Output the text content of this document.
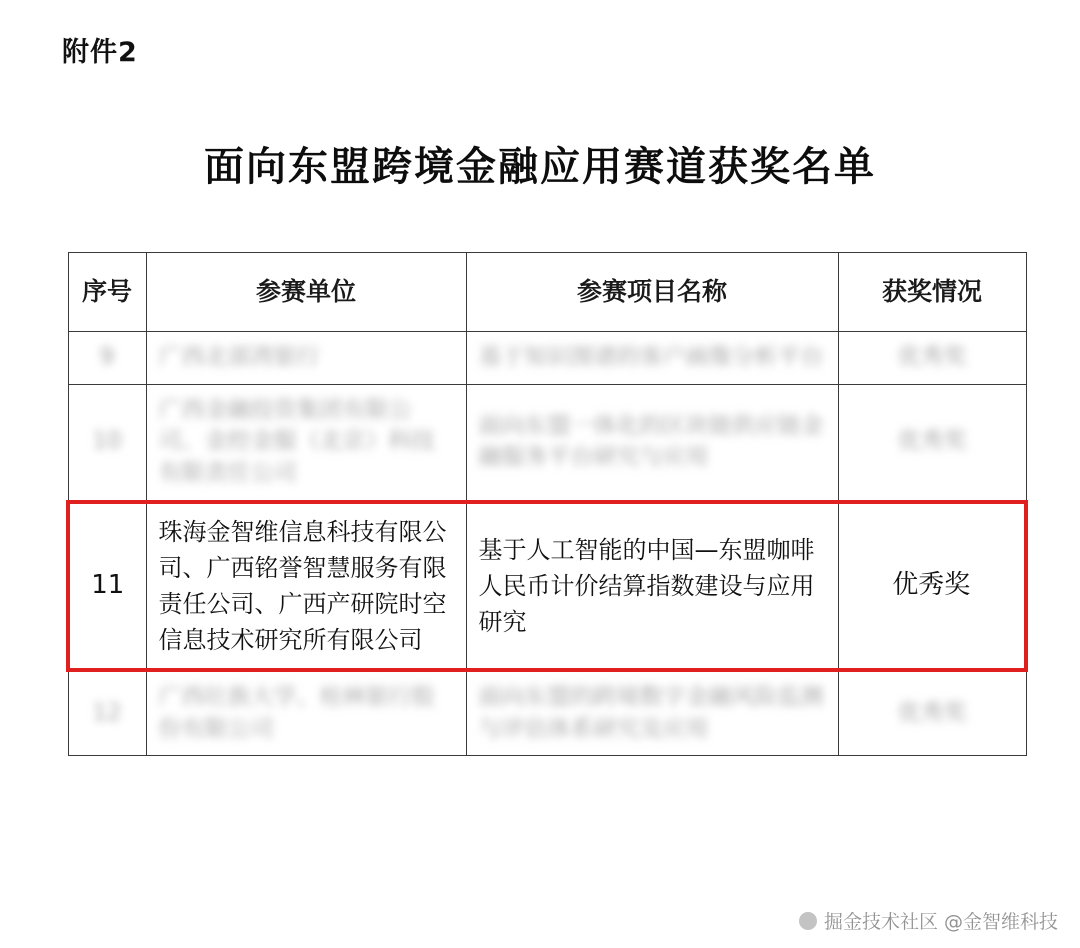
附件2
面向东盟跨境金融应用赛道获奖名单
序号	参赛单位	参赛项目名称	获奖情况
9	广西北部湾银行	基于知识图谱的客户画像分析平台	优秀奖
10	广西金融投资集团有限公司、金控金服（北京）科技有限责任公司	面向东盟一体化的区块链供应链金融服务平台研究与应用	优秀奖
11	珠海金智维信息科技有限公司、广西铭誉智慧服务有限责任公司、广西产研院时空信息技术研究所有限公司	基于人工智能的中国—东盟咖啡人民币计价结算指数建设与应用研究	优秀奖
12	广西壮族大学、桂林银行股份有限公司	面向东盟的跨境数字金融风险监测与评估体系研究及应用	优秀奖
掘金技术社区 @金智维科技
